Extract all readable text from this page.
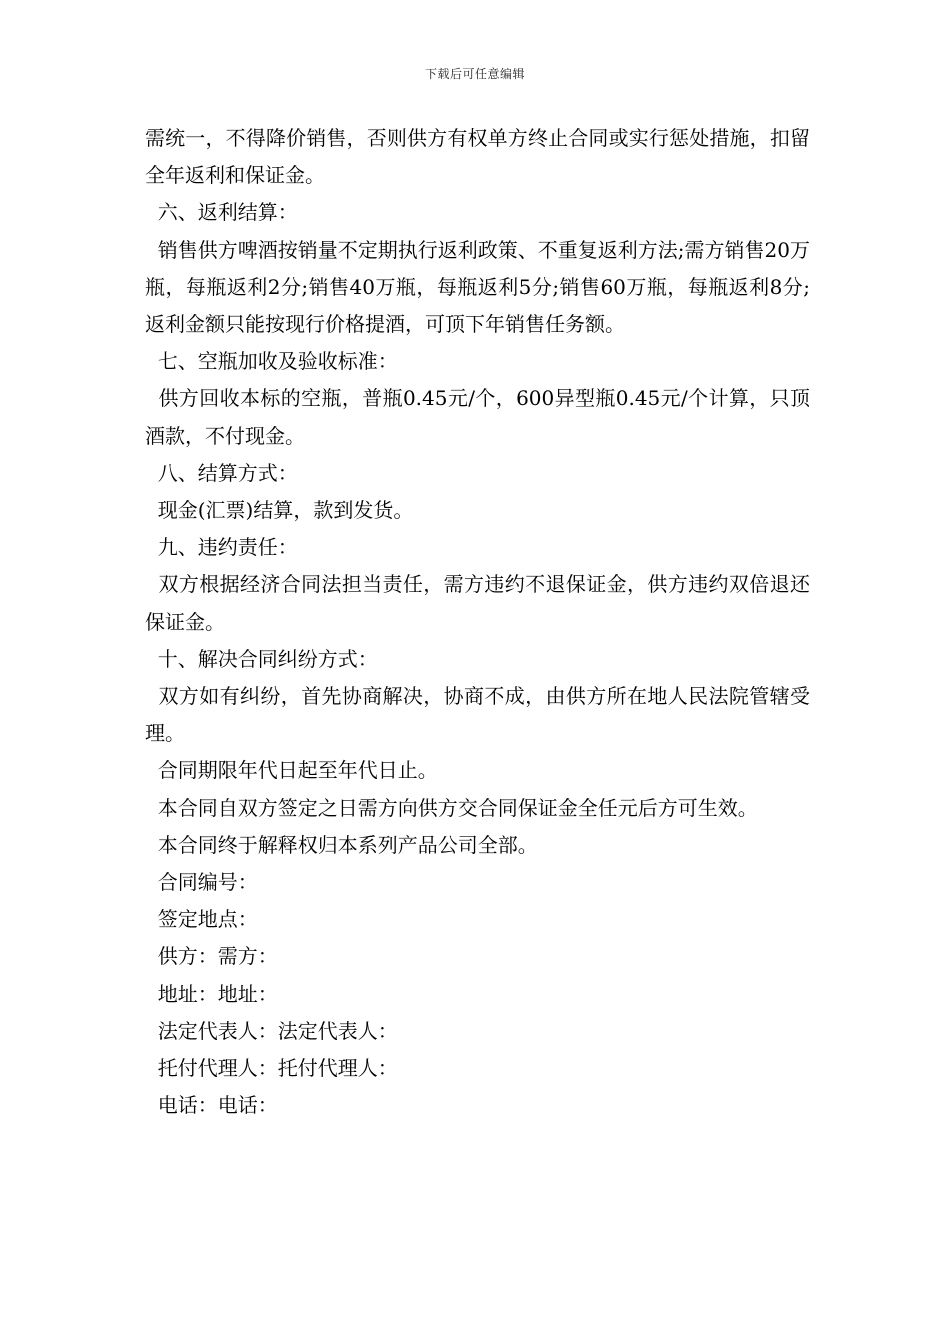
下载后可任意编辑

需统一，不得降价销售，否则供方有权单方终止合同或实行惩处措施，扣留全年返利和保证金。

六、返利结算：

销售供方啤酒按销量不定期执行返利政策、不重复返利方法;需方销售20万瓶，每瓶返利2分;销售40万瓶，每瓶返利5分;销售60万瓶，每瓶返利8分;返利金额只能按现行价格提酒，可顶下年销售任务额。

七、空瓶加收及验收标准：

供方回收本标的空瓶，普瓶0.45元/个，600异型瓶0.45元/个计算，只顶酒款，不付现金。

八、结算方式：

现金(汇票)结算，款到发货。

九、违约责任：

双方根据经济合同法担当责任，需方违约不退保证金，供方违约双倍退还保证金。

十、解决合同纠纷方式：

双方如有纠纷，首先协商解决，协商不成，由供方所在地人民法院管辖受理。

合同期限年代日起至年代日止。

本合同自双方签定之日需方向供方交合同保证金全任元后方可生效。

本合同终于解释权归本系列产品公司全部。

合同编号：

签定地点：

供方：需方：

地址：地址：

法定代表人：法定代表人：

托付代理人：托付代理人：

电话：电话：
